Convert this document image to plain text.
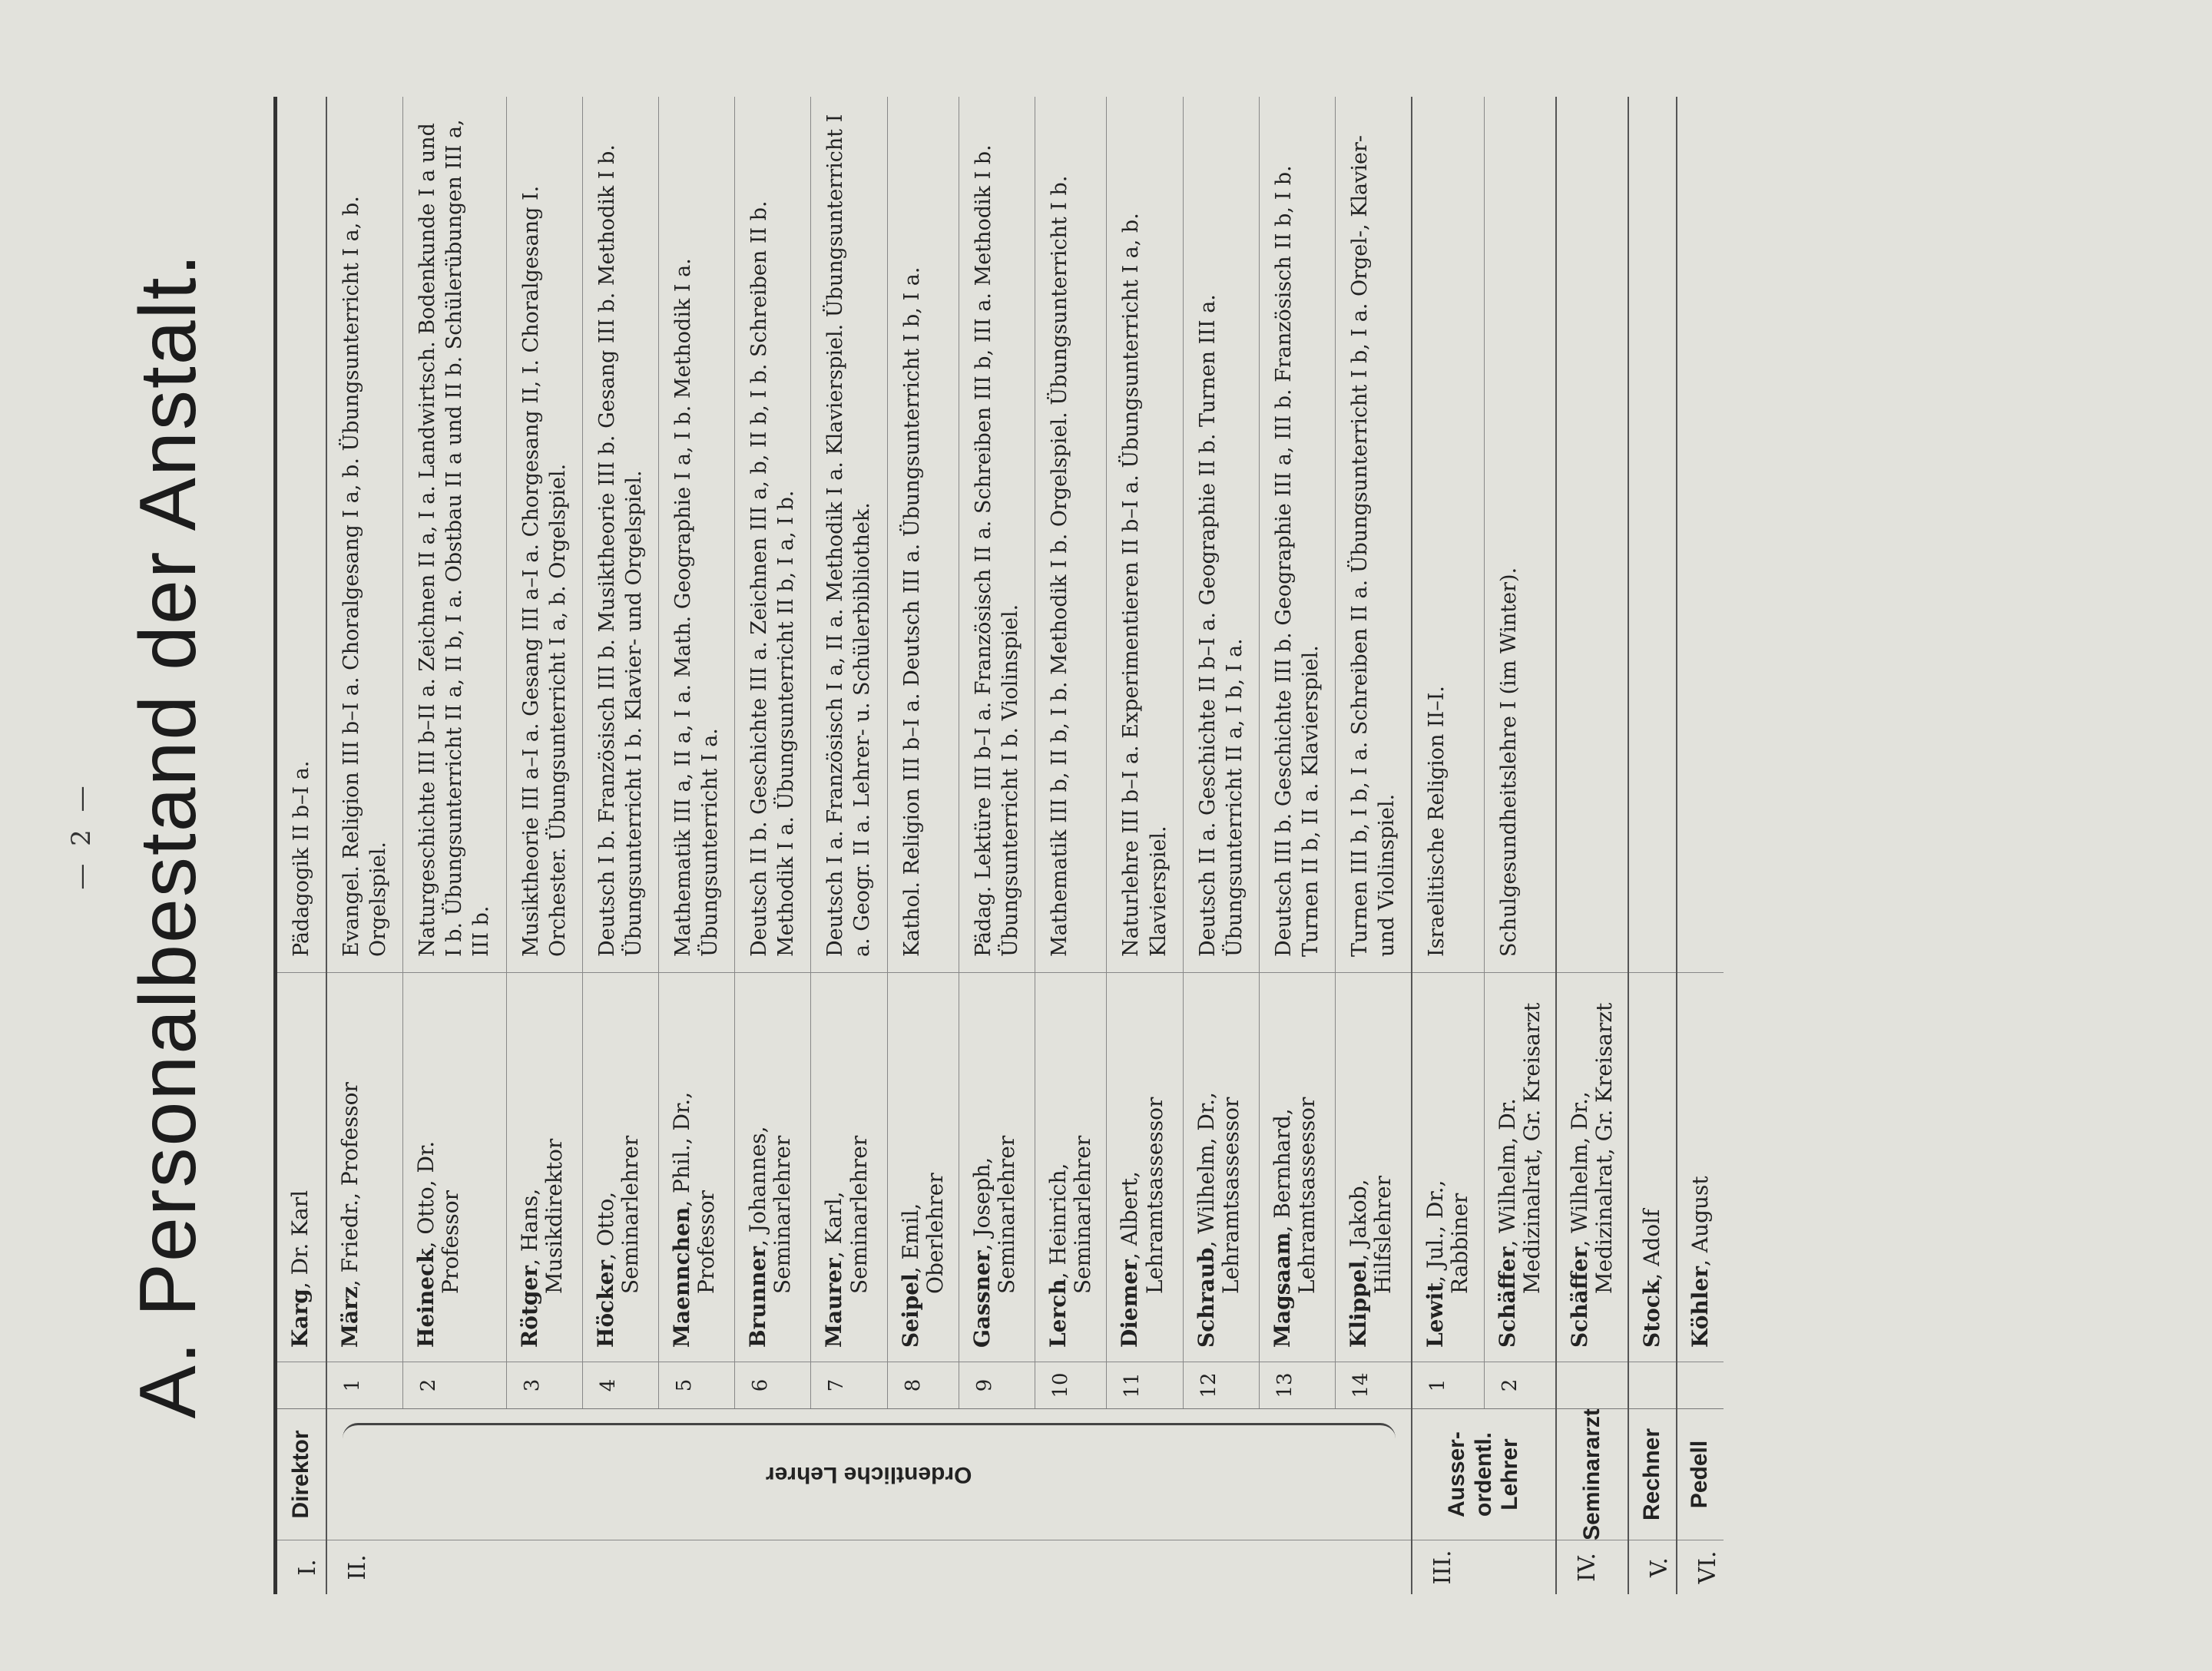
— 2 — A. Personalbestand der Anstalt.
I.
Direktor
Karg, Dr. Karl
Pädagogik II b–I a.
II.
Ordentliche Lehrer
1
März, Friedr., Professor
Evangel. Religion III b–I a. Choralgesang I a, b. Übungsunterricht I a, b. Orgelspiel.
2
Heineck, Otto, Dr. Professor
Naturgeschichte III b–II a. Zeichnen II a, I a. Landwirtsch. Bodenkunde I a und I b. Übungsunterricht II a, II b, I a. Obstbau II a und II b. Schülerübungen III a, III b.
3
Rötger, Hans, Musikdirektor
Musiktheorie III a–I a. Gesang III a–I a. Chorgesang II, I. Choralgesang I. Orchester. Übungsunterricht I a, b. Orgelspiel.
4
Höcker, Otto, Seminarlehrer
Deutsch I b. Französisch III b. Musiktheorie III b. Gesang III b. Methodik I b. Übungsunterricht I b. Klavier- und Orgelspiel.
5
Maennchen, Phil., Dr.,
Professor
Mathematik III a, II a, I a. Math. Geographie I a, I b. Methodik I a. Übungsunterricht I a.
6
Brunner, Johannes, Seminarlehrer
Deutsch II b. Geschichte III a. Zeichnen III a, b, II b, I b. Schreiben II b. Methodik I a. Übungsunterricht II b, I a, I b.
7
Maurer, Karl, Seminarlehrer
Deutsch I a. Französisch I a, II a. Methodik I a. Klavierspiel. Übungsunterricht I a. Geogr. II a. Lehrer- u. Schülerbibliothek.
8
Seipel, Emil, Oberlehrer
Kathol. Religion III b–I a. Deutsch III a. Übungsunterricht I b, I a.
9
Gassner, Joseph, Seminarlehrer
Pädag. Lektüre III b–I a. Französisch II a. Schreiben III b, III a. Methodik I b. Übungsunterricht I b. Violinspiel.
10
Lerch, Heinrich, Seminarlehrer
Mathematik III b, II b, I b. Methodik I b. Orgelspiel. Übungsunterricht I b.
11
Diemer, Albert, Lehramtsassessor
Naturlehre III b–I a. Experimentieren II b–I a. Übungsunterricht I a, b. Klavierspiel.
12
Schraub, Wilhelm, Dr., Lehramtsassessor
Deutsch II a. Geschichte II b–I a. Geographie II b. Turnen III a. Übungsunterricht II a, I b, I a.
13
Magsaam, Bernhard, Lehramtsassessor
Deutsch III b. Geschichte III b. Geographie III a, III b. Französisch II b, I b. Turnen II b, II a. Klavierspiel.
14
Klippel, Jakob, Hilfslehrer
Turnen III b, I b, I a. Schreiben II a. Übungsunterricht I b, I a. Orgel-, Klavier- und Violinspiel.
III.
Ausser-ordentl. Lehrer
1
Lewit, Jul., Dr., Rabbiner
Israelitische Religion II–I.
2
Schäffer, Wilhelm, Dr. Medizinalrat, Gr. Kreisarzt
Schulgesundheitslehre I (im Winter).
IV.
Seminararzt
Schäffer, Wilhelm, Dr., Medizinalrat, Gr. Kreisarzt
V.
Rechner
Stock, Adolf
VI.
Pedell
Köhler, August
